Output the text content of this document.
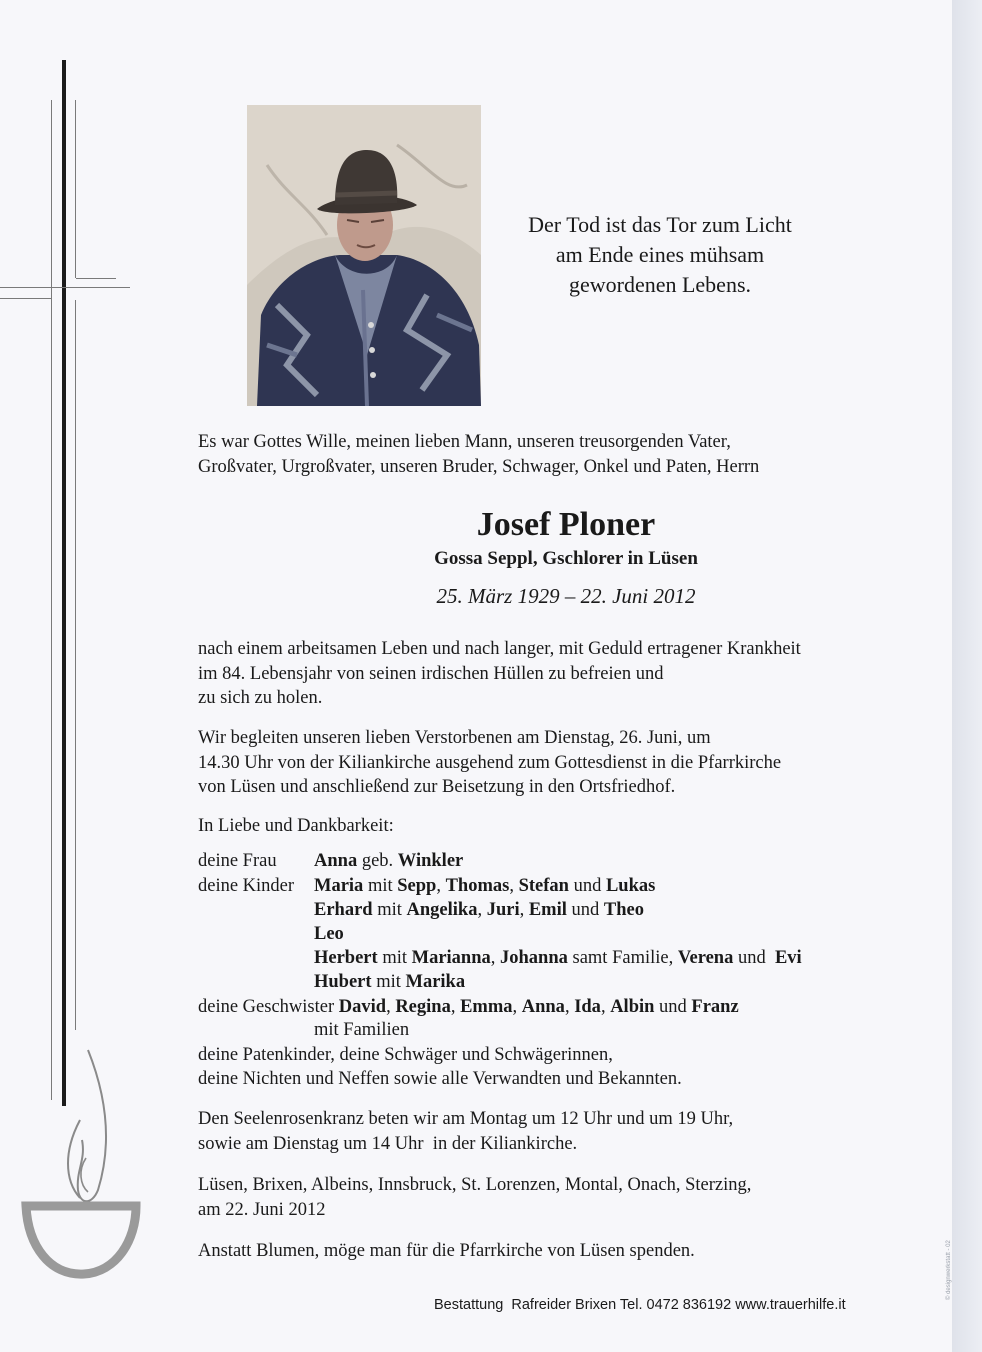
© designwerkstatt - 02
Der Tod ist das Tor zum Licht
am Ende eines mühsam
gewordenen Lebens.
Es war Gottes Wille, meinen lieben Mann, unseren treusorgenden Vater,
Großvater, Urgroßvater, unseren Bruder, Schwager, Onkel und Paten, Herrn
Josef Ploner
Gossa Seppl, Gschlorer in Lüsen
25. März 1929 – 22. Juni 2012
nach einem arbeitsamen Leben und nach langer, mit Geduld ertragener Krankheit
im 84. Lebensjahr von seinen irdischen Hüllen zu befreien und
zu sich zu holen.
Wir begleiten unseren lieben Verstorbenen am Dienstag, 26. Juni, um
14.30 Uhr von der Kiliankirche ausgehend zum Gottesdienst in die Pfarrkirche
von Lüsen und anschließend zur Beisetzung in den Ortsfriedhof.
In Liebe und Dankbarkeit:
deine Frau Anna geb. Winkler
deine Kinder Maria mit Sepp, Thomas, Stefan und Lukas
Erhard mit Angelika, Juri, Emil und Theo
Leo
Herbert mit Marianna, Johanna samt Familie, Verena und  Evi
Hubert mit Marika
deine Geschwister David, Regina, Emma, Anna, Ida, Albin und Franz
mit Familien
deine Patenkinder, deine Schwäger und Schwägerinnen,
deine Nichten und Neffen sowie alle Verwandten und Bekannten.
Den Seelenrosenkranz beten wir am Montag um 12 Uhr und um 19 Uhr,
sowie am Dienstag um 14 Uhr  in der Kiliankirche.
Lüsen, Brixen, Albeins, Innsbruck, St. Lorenzen, Montal, Onach, Sterzing,
am 22. Juni 2012
Anstatt Blumen, möge man für die Pfarrkirche von Lüsen spenden.
Bestattung  Rafreider Brixen Tel. 0472 836192 www.trauerhilfe.it
